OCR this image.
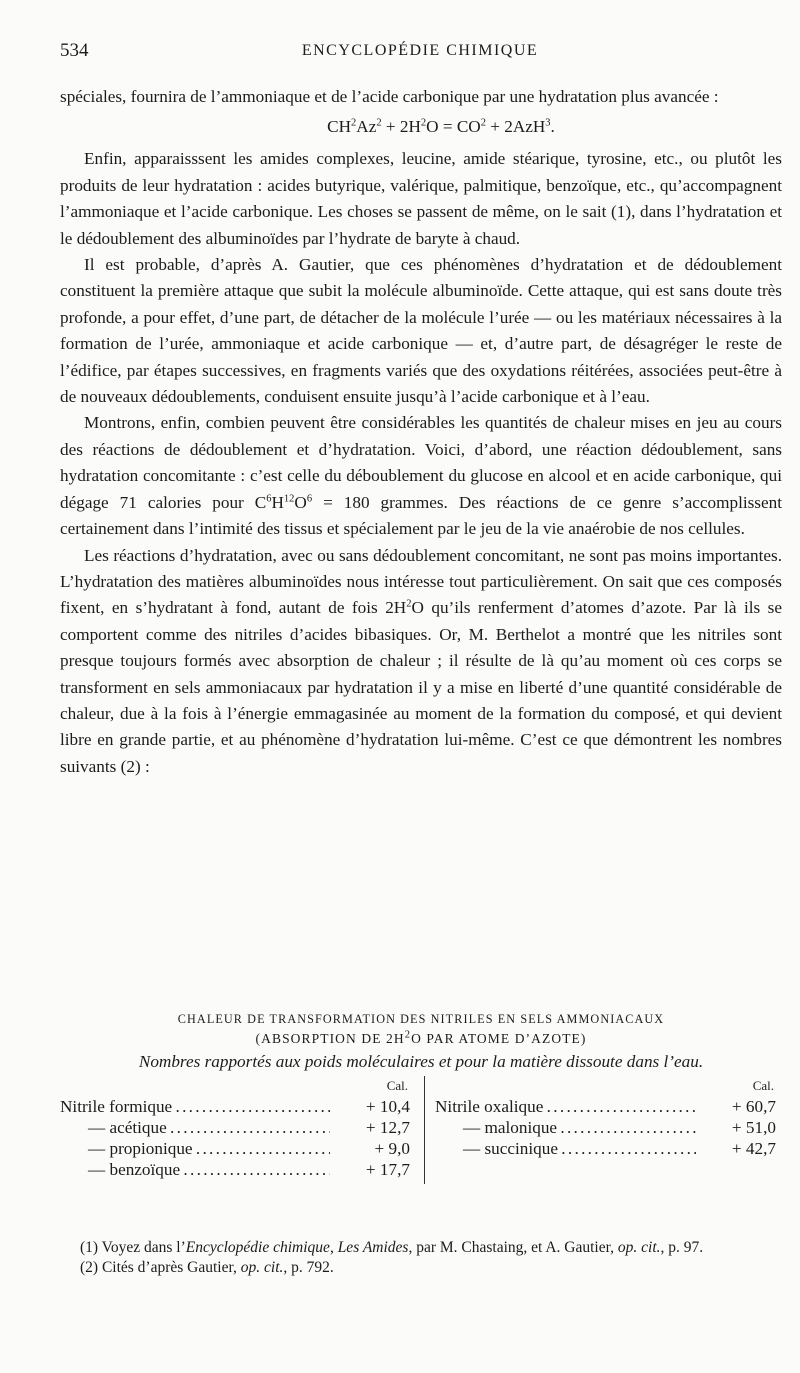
534	ENCYCLOPÉDIE CHIMIQUE

spéciales, fournira de l’ammoniaque et de l’acide carbonique par une hydratation plus avancée :

$CH^2Az^2 + 2H^2O = CO^2 + 2AzH^3$.

Enfin, apparaisssent les amides complexes, leucine, amide stéarique, tyrosine, etc., ou plutôt les produits de leur hydratation : acides butyrique, valérique, palmitique, benzoïque, etc., qu’accompagnent l’ammoniaque et l’acide carbonique. Les choses se passent de même, on le sait (1), dans l’hydratation et le dédoublement des albuminoïdes par l’hydrate de baryte à chaud.

Il est probable, d’après A. Gautier, que ces phénomènes d’hydratation et de dédoublement constituent la première attaque que subit la molécule albuminoïde. Cette attaque, qui est sans doute très profonde, a pour effet, d’une part, de détacher de la molécule l’urée — ou les matériaux nécessaires à la formation de l’urée, ammoniaque et acide carbonique — et, d’autre part, de désagréger le reste de l’édifice, par étapes successives, en fragments variés que des oxydations réitérées, associées peut-être à de nouveaux dédoublements, conduisent ensuite jusqu’à l’acide carbonique et à l’eau.

Montrons, enfin, combien peuvent être considérables les quantités de chaleur mises en jeu au cours des réactions de dédoublement et d’hydratation. Voici, d’abord, une réaction dédoublement, sans hydratation concomitante : c’est celle du déboublement du glucose en alcool et en acide carbonique, qui dégage 71 calories pour $C^6H^{12}O^6 = 180$ grammes. Des réactions de ce genre s’accomplissent certainement dans l’intimité des tissus et spécialement par le jeu de la vie anaérobie de nos cellules.

Les réactions d’hydratation, avec ou sans dédoublement concomitant, ne sont pas moins importantes. L’hydratation des matières albuminoïdes nous intéresse tout particulièrement. On sait que ces composés fixent, en s’hydratant à fond, autant de fois $2H^2O$ qu’ils renferment d’atomes d’azote. Par là ils se comportent comme des nitriles d’acides bibasiques. Or, M. Berthelot a montré que les nitriles sont presque toujours formés avec absorption de chaleur ; il résulte de là qu’au moment où ces corps se transforment en sels ammoniacaux par hydratation il y a mise en liberté d’une quantité considérable de chaleur, due à la fois à l’énergie emmagasinée au moment de la formation du composé, et qui devient libre en grande partie, et au phénomène d’hydratation lui-même. C’est ce que démontrent les nombres suivants (2) :

CHALEUR DE TRANSFORMATION DES NITRILES EN SELS AMMONIACAUX

(ABSORPTION DE $2H^2O$ PAR ATOME D’AZOTE)

Nombres rapportés aux poids moléculaires et pour la matière dissoute dans l’eau.

Cal.
Nitrile formique . . .	+ 10,4
— acétique . . .	+ 12,7
— propionique . . .	+ 9,0
— benzoïque . . .	+ 17,7
Cal.
Nitrile oxalique . . .	+ 60,7
— malonique . . .	+ 51,0
— succinique . . .	+ 42,7

(1) Voyez dans l’Encyclopédie chimique, Les Amides, par M. Chastaing, et A. Gautier, op. cit., p. 97.

(2) Cités d’après Gautier, op. cit., p. 792.
